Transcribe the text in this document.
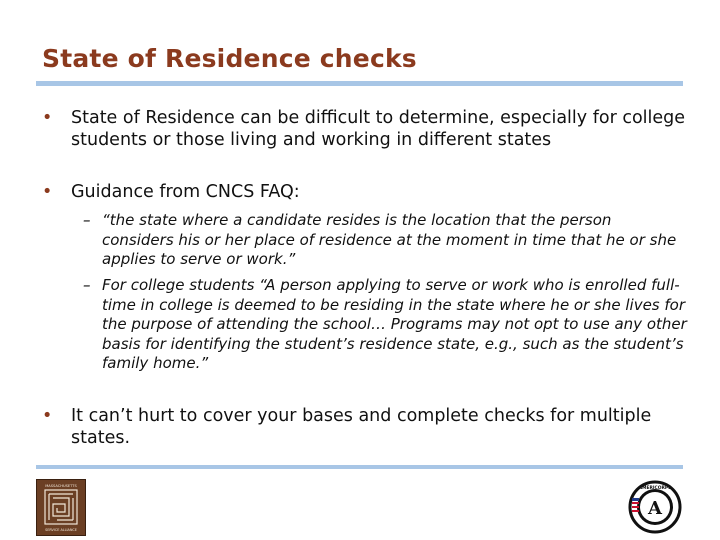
State of Residence checks
•	State of Residence can be difficult to determine, especially for college students or those living and working in different states
•	Guidance from CNCS FAQ:
– “the state where a candidate resides is the location that the person considers his or her place of residence at the moment in time that he or she applies to serve or work.”
– For college students “A person applying to serve or work who is enrolled full-time in college is deemed to be residing in the state where he or she lives for the purpose of attending the school… Programs may not opt to use any other basis for identifying the student’s residence state, e.g., such as the student’s family home.”
•	It can’t hurt to cover your bases and complete checks for multiple states.
MASSACHUSETTS
SERVICE ALLIANCE
A
AMERICORPS
